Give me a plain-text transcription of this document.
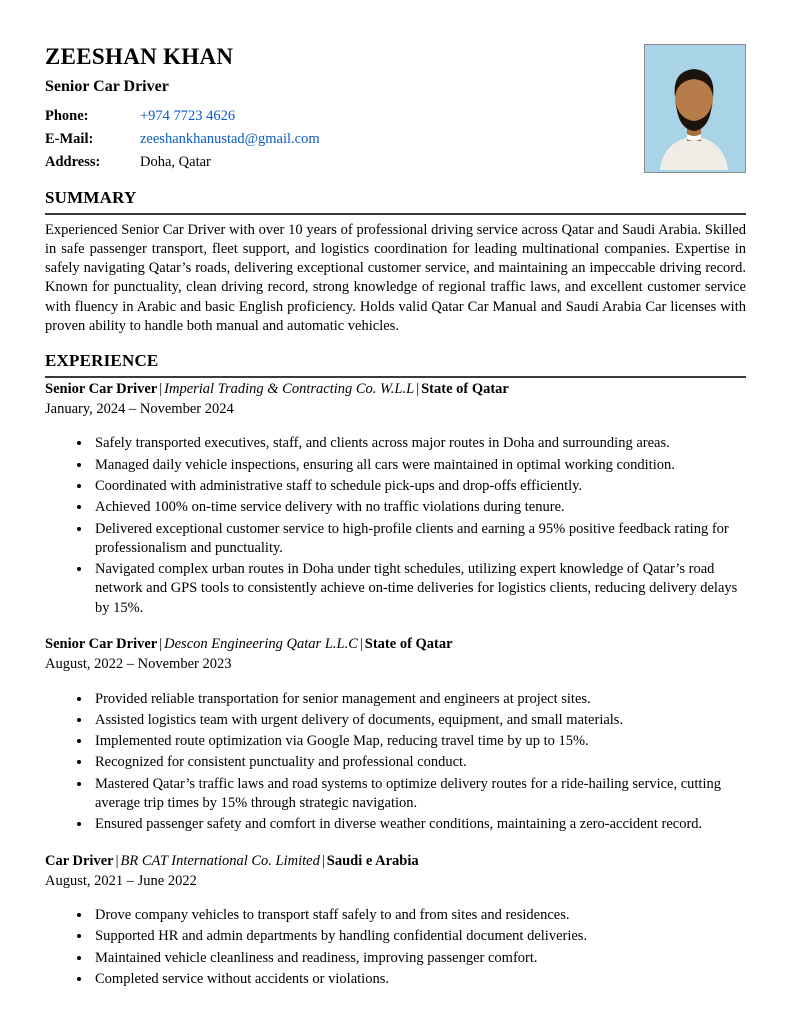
ZEESHAN KHAN
Senior Car Driver
Phone:	+974 7723 4626
E-Mail:	zeeshankhanustad@gmail.com
Address:	Doha, Qatar
SUMMARY

Experienced Senior Car Driver with over 10 years of professional driving service across Qatar and Saudi Arabia. Skilled in safe passenger transport, fleet support, and logistics coordination for leading multinational companies. Expertise in safely navigating Qatar’s roads, delivering exceptional customer service, and maintaining an impeccable driving record. Known for punctuality, clean driving record, strong knowledge of regional traffic laws, and excellent customer service with fluency in Arabic and basic English proficiency. Holds valid Qatar Car Manual and Saudi Arabia Car licenses with proven ability to handle both manual and automatic vehicles.

EXPERIENCE

Senior Car Driver | Imperial Trading & Contracting Co. W.L.L | State of Qatar

January, 2024 – November 2024

• Safely transported executives, staff, and clients across major routes in Doha and surrounding areas.
• Managed daily vehicle inspections, ensuring all cars were maintained in optimal working condition.
• Coordinated with administrative staff to schedule pick-ups and drop-offs efficiently.
• Achieved 100% on-time service delivery with no traffic violations during tenure.
• Delivered exceptional customer service to high-profile clients and earning a 95% positive feedback rating for professionalism and punctuality.
• Navigated complex urban routes in Doha under tight schedules, utilizing expert knowledge of Qatar’s road network and GPS tools to consistently achieve on-time deliveries for logistics clients, reducing delivery delays by 15%.

Senior Car Driver | Descon Engineering Qatar L.L.C | State of Qatar

August, 2022 – November 2023

• Provided reliable transportation for senior management and engineers at project sites.
• Assisted logistics team with urgent delivery of documents, equipment, and small materials.
• Implemented route optimization via Google Map, reducing travel time by up to 15%.
• Recognized for consistent punctuality and professional conduct.
• Mastered Qatar’s traffic laws and road systems to optimize delivery routes for a ride-hailing service, cutting average trip times by 15% through strategic navigation.
• Ensured passenger safety and comfort in diverse weather conditions, maintaining a zero-accident record.

Car Driver | BR CAT International Co. Limited | Saudi e Arabia

August, 2021 – June 2022

• Drove company vehicles to transport staff safely to and from sites and residences.
• Supported HR and admin departments by handling confidential document deliveries.
• Maintained vehicle cleanliness and readiness, improving passenger comfort.
• Completed service without accidents or violations.
